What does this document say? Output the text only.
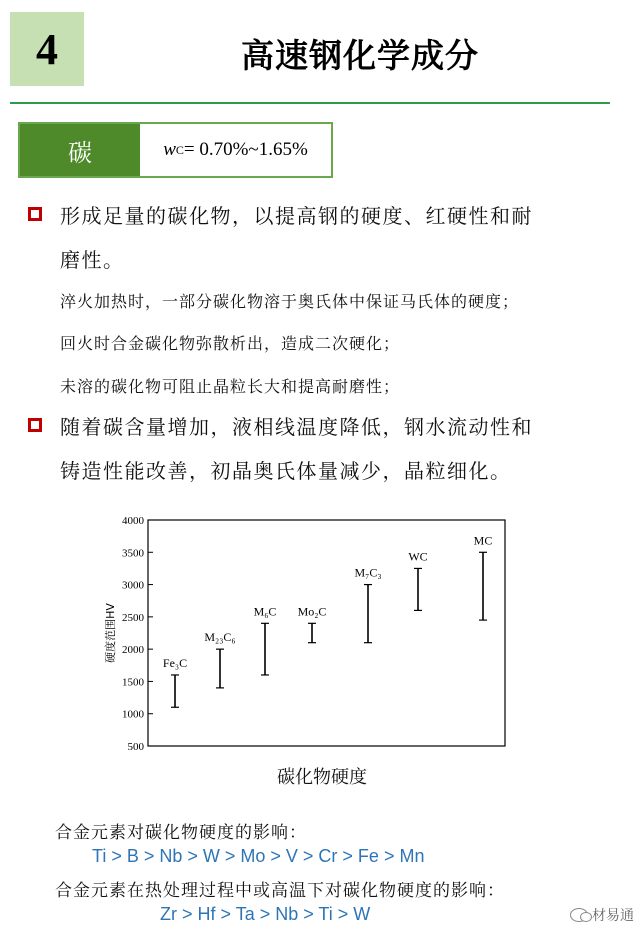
4	高速钢化学成分
碳	w C = 0.70%~1.65%
形成足量的碳化物，以提高钢的硬度、红硬性和耐
磨性。
淬火加热时，一部分碳化物溶于奥氏体中保证马氏体的硬度；
回火时合金碳化物弥散析出，造成二次硬化；
未溶的碳化物可阻止晶粒长大和提高耐磨性；
随着碳含量增加，液相线温度降低，钢水流动性和
铸造性能改善，初晶奥氏体量减少，晶粒细化。
4000
3500
3000
2500
2000
1500
1000
500
硬度范围HV
Fe₃C
M₂₃C₆
M₆C Mo₂C
M₇C₃
WC
MC
碳化物硬度
合金元素对碳化物硬度的影响：
Ti > B > Nb > W > Mo > V > Cr > Fe > Mn
合金元素在热处理过程中或高温下对碳化物硬度的影响：
Zr > Hf > Ta > Nb > Ti > W	材易通
